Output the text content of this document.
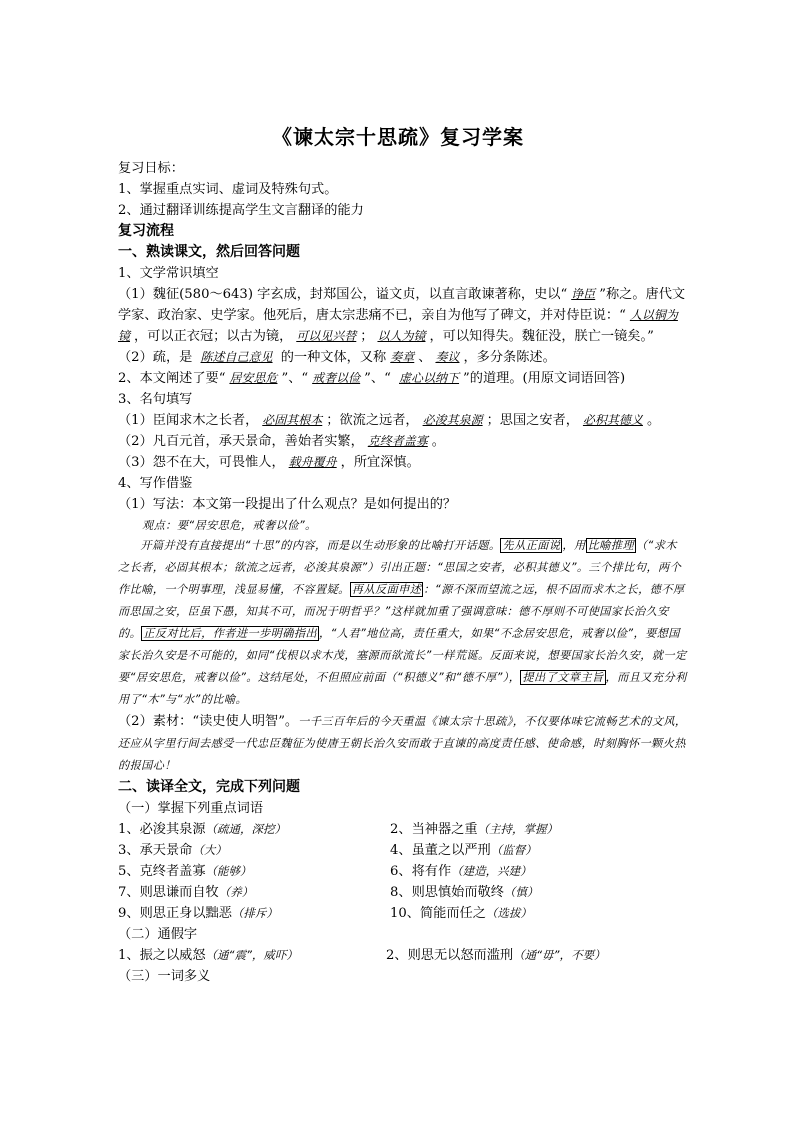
《谏太宗十思疏》复习学案
复习日标：
1、掌握重点实词、虚词及特殊句式。
2、通过翻译训练提高学生文言翻译的能力
复习流程
一、熟读课文，然后回答问题
1、文学常识填空
（1）魏征(580～643) 字玄成，封郑国公，谥文贞，以直言敢谏著称，史以“ 诤臣 ”称之。唐代文学家、政治家、史学家。他死后，唐太宗悲痛不已，亲自为他写了碑文，并对侍臣说：“ 人以铜为镜 ，可以正衣冠；以古为镜， 可以见兴替 ； 以人为镜 ，可以知得失。魏征没，朕亡一镜矣。”
（2）疏，是 陈述自己意见 的一种文体，又称 奏章 、 奏议 ，多分条陈述。
2、本文阐述了要“ 居安思危 ”、“ 戒奢以俭 ”、“ 虚心以纳下 ”的道理。(用原文词语回答)
3、名句填写
（1）臣闻求木之长者， 必固其根本 ；欲流之远者， 必浚其泉源 ；思国之安者， 必积其德义 。
（2）凡百元首，承天景命，善始者实繁， 克终者盖寡 。
（3）怨不在大，可畏惟人， 载舟覆舟 ，所宜深慎。
4、写作借鉴
（1）写法：本文第一段提出了什么观点？是如何提出的？
观点：要“居安思危，戒奢以俭”。
开篇并没有直接提出“十思”的内容，而是以生动形象的比喻打开话题。 先从正面说 ，用 比喻推理 （“求木之长者，必固其根本；欲流之远者，必浚其泉源”）引出正题：“思国之安者，必积其德义”。三个排比句，两个作比喻，一个明事理，浅显易懂，不容置疑。 再从反面申述 ：“源不深而望流之远，根不固而求木之长，德不厚而思国之安，臣虽下愚，知其不可，而况于明哲乎？”这样就加重了强调意味：德不厚则不可使国家长治久安的。 正反对比后，作者进一步明确指出 ，“人君”地位高，责任重大，如果“不念居安思危，戒奢以俭”，要想国家长治久安是不可能的，如同“伐根以求木茂，塞源而欲流长”一样荒诞。反面来说，想要国家长治久安，就一定要“居安思危，戒奢以俭”。这结尾处，不但照应前面（“积德义”和“德不厚”）， 提出了文章主旨 ，而且又充分利用了“木”与“水”的比喻。
（2）素材：“读史使人明智”。一千三百年后的今天重温《谏太宗十思疏》，不仅要体味它流畅艺术的文风，还应从字里行间去感受一代忠臣魏征为使唐王朝长治久安而敢于直谏的高度责任感、使命感，时刻胸怀一颗火热的报国心！
二、读译全文，完成下列问题
（一）掌握下列重点词语
1、必浚其泉源（疏通，深挖）	2、当神器之重（主持，掌握）
3、承天景命（大）	4、虽董之以严刑（监督）
5、克终者盖寡（能够）	6、将有作（建造，兴建）
7、则思谦而自牧（养）	8、则思慎始而敬终（慎）
9、则思正身以黜恶（排斥）	10、简能而任之（选拔）
（二）通假字
1、振之以威怒（通“震”，威吓）	2、则思无以怒而滥刑（通“毋”，不要）
（三）一词多义
